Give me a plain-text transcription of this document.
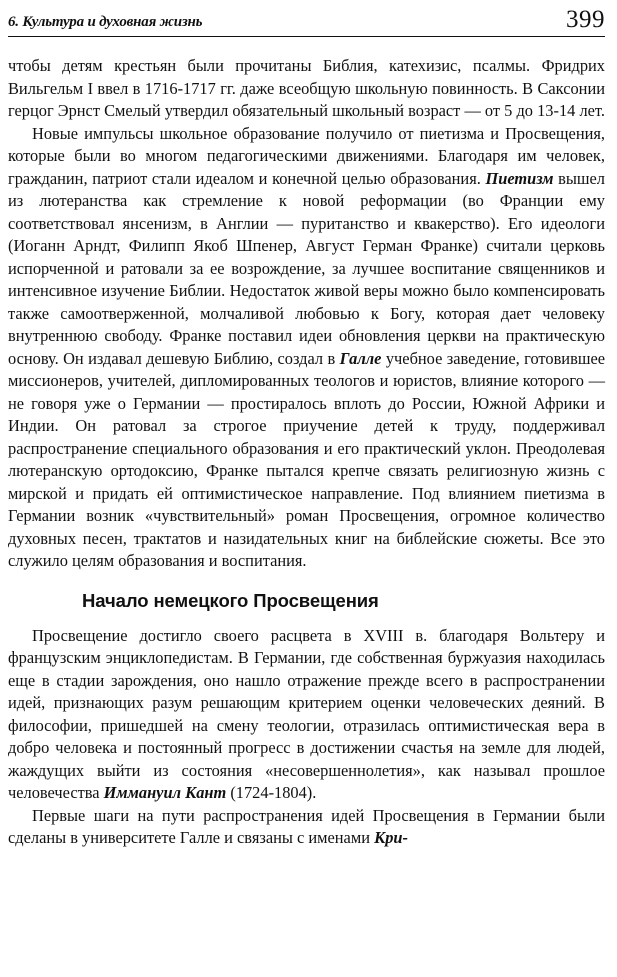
6. Культура и духовная жизнь	399

чтобы детям крестьян были прочитаны Библия, катехизис, псалмы. Фридрих Вильгельм I ввел в 1716-1717 гг. даже всеобщую школьную повинность. В Саксонии герцог Эрнст Смелый утвердил обязательный школьный возраст — от 5 до 13-14 лет.

Новые импульсы школьное образование получило от пиетизма и Просвещения, которые были во многом педагогическими движениями. Благодаря им человек, гражданин, патриот стали идеалом и конечной целью образования. Пиетизм вышел из лютеранства как стремление к новой реформации (во Франции ему соответствовал янсенизм, в Англии — пуританство и квакерство). Его идеологи (Иоганн Арндт, Филипп Якоб Шпенер, Август Герман Франке) считали церковь испорченной и ратовали за ее возрождение, за лучшее воспитание священников и интенсивное изучение Библии. Недостаток живой веры можно было компенсировать также самоотверженной, молчаливой любовью к Богу, которая дает человеку внутреннюю свободу. Франке поставил идеи обновления церкви на практическую основу. Он издавал дешевую Библию, создал в Галле учебное заведение, готовившее миссионеров, учителей, дипломированных теологов и юристов, влияние которого — не говоря уже о Германии — простиралось вплоть до России, Южной Африки и Индии. Он ратовал за строгое приучение детей к труду, поддерживал распространение специального образования и его практический уклон. Преодолевая лютеранскую ортодоксию, Франке пытался крепче связать религиозную жизнь с мирской и придать ей оптимистическое направление. Под влиянием пиетизма в Германии возник «чувствительный» роман Просвещения, огромное количество духовных песен, трактатов и назидательных книг на библейские сюжеты. Все это служило целям образования и воспитания.

Начало немецкого Просвещения

Просвещение достигло своего расцвета в XVIII в. благодаря Вольтеру и французским энциклопедистам. В Германии, где собственная буржуазия находилась еще в стадии зарождения, оно нашло отражение прежде всего в распространении идей, признающих разум решающим критерием оценки человеческих деяний. В философии, пришедшей на смену теологии, отразилась оптимистическая вера в добро человека и постоянный прогресс в достижении счастья на земле для людей, жаждущих выйти из состояния «несовершеннолетия», как называл прошлое человечества Иммануил Кант (1724-1804).

Первые шаги на пути распространения идей Просвещения в Германии были сделаны в университете Галле и связаны с именами Кри-
